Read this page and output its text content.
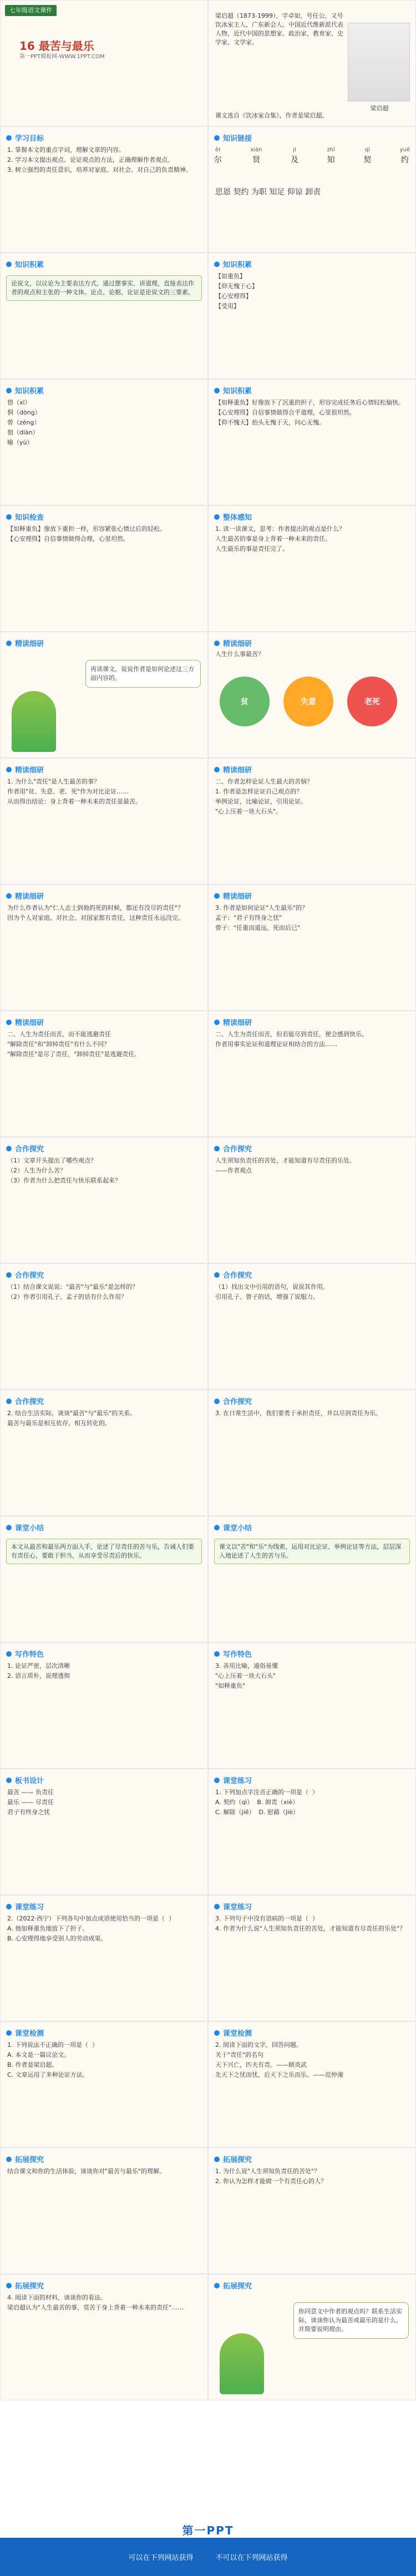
七年级语文课件
16 最苦与最乐
第一PPT模板网-WWW.1PPT.COM
梁启超（1873-1999），字卓如，号任公，又号饮冰室主人，广东新会人。中国近代维新派代表人物，近代中国的思想家、政治家、教育家、史学家、文学家。
梁启超
课文选自《饮冰室合集》，作者是梁启超。
学习目标
1. 掌握本文的重点字词，理解文章的内容。
2. 学习本文提出观点、论证观点的方法，正确理解作者观点。
3. 树立强烈的责任意识，培养对家庭、对社会、对自己的负责精神。
知识链接
ěr
尔
xián
贤
jí
及
zhī
知
qì
契
yuē
约
思恩 契约 为职 知足 仰谅 卸责
知识积累
论说文，以议论为主要表达方式，通过摆事实、讲道理，直接表达作者的观点和主张的一种文体。论点、论据、论证是论说文的三要素。
知识积累
【如重负】
【仰无愧于心】
【心安理得】
【受用】
知识积累
惜（xī）
恫（dòng）
曾（zēng）
佃（diàn）
喻（yù）
知识积累
【如释重负】好像放下了沉重的担子，形容完成任务后心情轻松愉快。
【心安理得】自信事情做得合乎道理，心里很坦然。
【仰不愧天】抬头无愧于天，问心无愧。
知识检查
【如释重负】像放下重担一样，形容紧张心情过后的轻松。
【心安理得】自信事情做得合理，心里坦然。
整体感知
1. 读一读课文，思考：作者提出的观点是什么？
人生最苦的事是身上背着一种未来的责任。
人生最乐的事是责任完了。
精读细研
再读课文，说说作者是如何论述这三方面内容的。
精读细研
贫	失意	老死
人生什么事最苦？
精读细研
1. 为什么"责任"是人生最苦的事？
作者用"贫、失意、老、死"作为对比论证……
从而得出结论：身上背着一种未来的责任是最苦。
精读细研
二、作者怎样论证人生最大的苦恼？
1. 作者是怎样论证自己观点的？
举例论证，比喻论证，引用论证。
"心上压着一块大石头"。
精读细研
为什么作者认为"仁人志士到他的死的时候，都还有没尽的责任"？
因为个人对家庭、对社会、对国家都有责任，这种责任永远没完。
精读细研
3. 作者是如何论证"人生最乐"的？
孟子："君子有终身之忧"
曾子："任重而道远，死而后已"
精读细研
二、人生为责任而苦，而不能逃避责任
"解除责任"和"卸掉责任"有什么不同？
"解除责任"是尽了责任，"卸掉责任"是逃避责任。
精读细研
二、人生为责任而苦，但若能尽到责任，便会感到快乐。
作者用事实论证和道理论证相结合的方法……
合作探究
（1）文章开头提出了哪些观点？
（2）人生为什么苦？
（3）作者为什么把责任与快乐联系起来？
合作探究
人生须知负责任的苦处，才能知道有尽责任的乐处。
——作者观点
合作探究
（1）结合课文说说："最苦"与"最乐"是怎样的？
（2）作者引用孔子、孟子的话有什么作用？
合作探究
（1）找出文中引用的语句，说说其作用。
引用孔子、曾子的话，增强了说服力。
合作探究
2. 结合生活实际，谈谈"最苦"与"最乐"的关系。
最苦与最乐是相互依存、相互转化的。
合作探究
3. 在日常生活中，我们要勇于承担责任，并以尽到责任为乐。
课堂小结
本文从最苦和最乐两方面入手，论述了尽责任的苦与乐，告诫人们要有责任心，要敢于担当，从而享受尽责后的快乐。
课堂小结
课文以"苦"和"乐"为线索，运用对比论证、举例论证等方法，层层深入地论述了人生的苦与乐。
写作特色
1. 论证严密，层次清晰
2. 语言质朴，说理透彻
写作特色
3. 善用比喻，通俗易懂
"心上压着一块大石头"
"如释重负"
板书设计
最苦 —— 负责任
最乐 —— 尽责任
君子有终身之忧
课堂练习
1. 下列加点字注音正确的一项是（  ）
A. 契约（qì）  B. 卸责（xiè）
C. 解除（jiě）  D. 慰藉（jiè）
课堂练习
2.（2022·西宁）下列各句中加点成语使用恰当的一项是（  ）
A. 他如释重负地放下了担子。
B. 心安理得地享受别人的劳动成果。
课堂练习
3. 下列句子中没有语病的一项是（  ）
4. 作者为什么说"人生须知负责任的苦处，才能知道有尽责任的乐处"？
课堂检测
1. 下列说法不正确的一项是（  ）
A. 本文是一篇议论文。
B. 作者是梁启超。
C. 文章运用了多种论证方法。
课堂检测
2. 阅读下面的文字，回答问题。
关于"责任"的名句
天下兴亡，匹夫有责。——顾炎武
先天下之忧而忧，后天下之乐而乐。——范仲淹
拓展探究
结合课文和你的生活体验，谈谈你对"最苦与最乐"的理解。
拓展探究
1. 为什么说"人生须知负责任的苦处"？
2. 你认为怎样才能做一个有责任心的人？
拓展探究
4. 阅读下面的材料，谈谈你的看法。
梁启超认为"人生最苦的事，莫苦于身上背着一种未来的责任"……
拓展探究
你同意文中作者的观点吗？联系生活实际，谈谈你认为最苦或最乐的是什么，并简要说明理由。
第一PPT
可以在下列网站获得	不可以在下列网站获得
